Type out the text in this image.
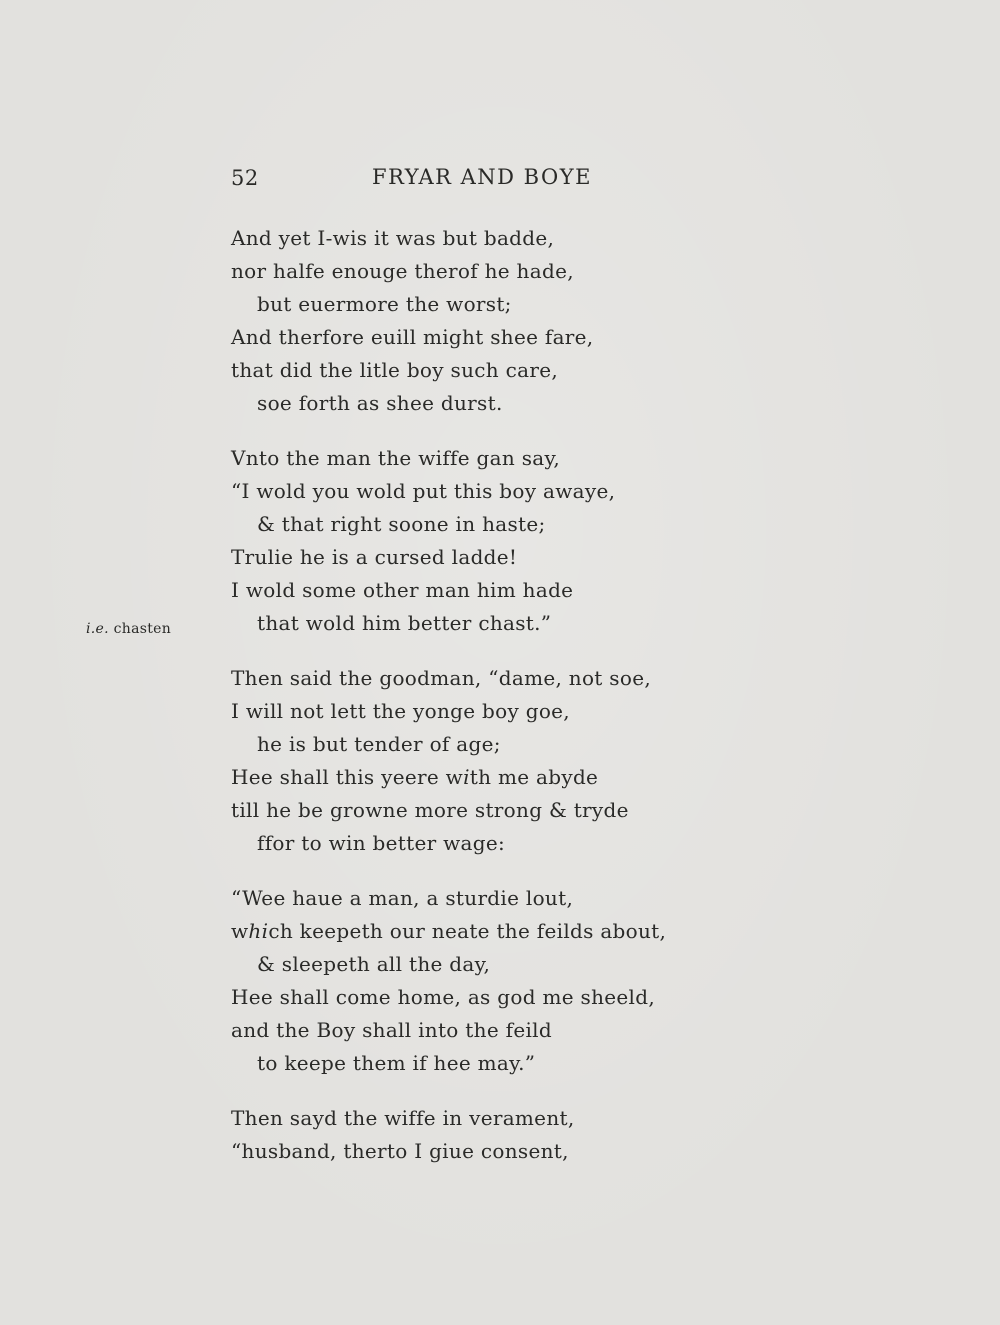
52	FRYAR AND BOYE
i.e. chasten
And yet I-wis it was but badde,
nor halfe enouge therof he hade,
but euermore the worst;
And therfore euill might shee fare,
that did the litle boy such care,
soe forth as shee durst.
Vnto the man the wiffe gan say,
“I wold you wold put this boy awaye,
& that right soone in haste;
Trulie he is a cursed ladde!
I wold some other man him hade
that wold him better chast.”
Then said the goodman, “dame, not soe,
I will not lett the yonge boy goe,
he is but tender of age;
Hee shall this yeere with me abyde
till he be growne more strong & tryde
ffor to win better wage:
“Wee haue a man, a sturdie lout,
which keepeth our neate the feilds about,
& sleepeth all the day,
Hee shall come home, as god me sheeld,
and the Boy shall into the feild
to keepe them if hee may.”
Then sayd the wiffe in verament,
“husband, therto I giue consent,
